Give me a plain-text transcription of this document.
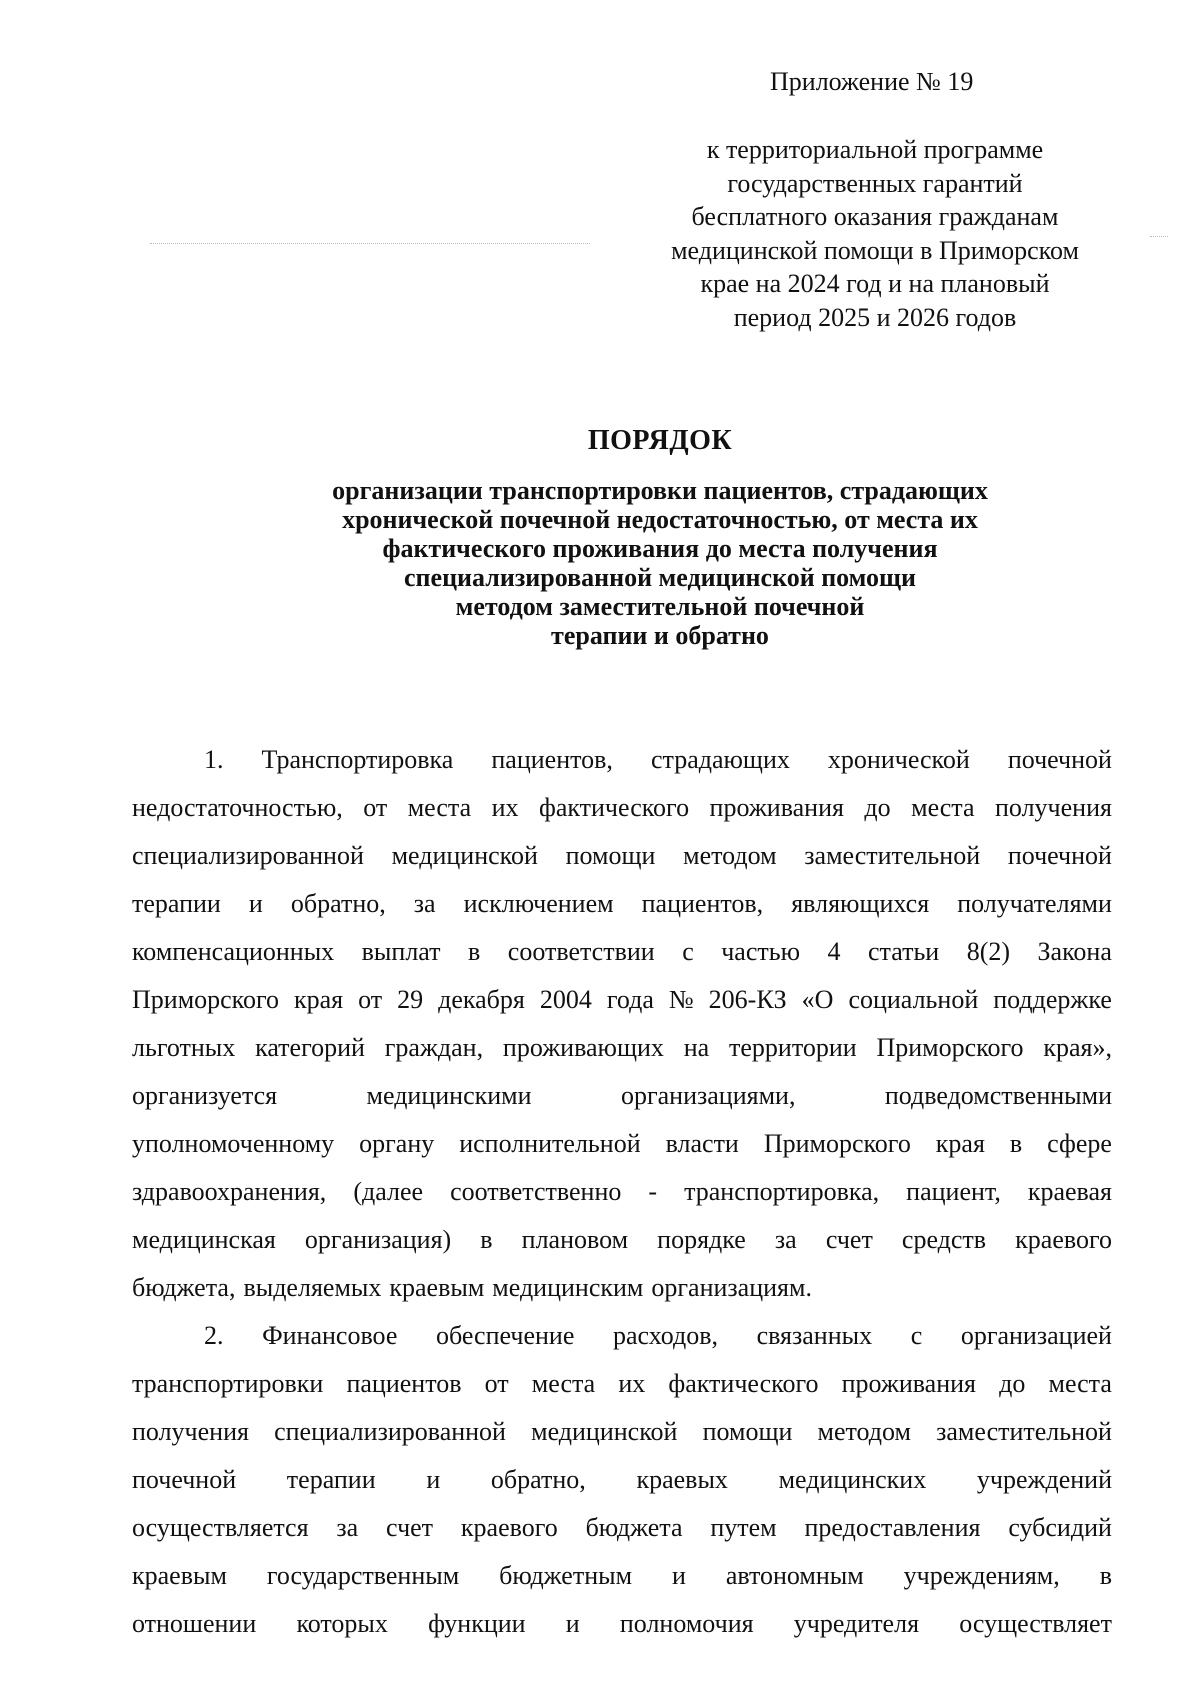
Приложение № 19
к территориальной программе
государственных гарантий
бесплатного оказания гражданам
медицинской помощи в Приморском
крае на 2024 год и на плановый
период 2025 и 2026 годов
ПОРЯДОК
организации транспортировки пациентов, страдающих
хронической почечной недостаточностью, от места их
фактического проживания до места получения
специализированной медицинской помощи
методом заместительной почечной
терапии и обратно
1. Транспортировка пациентов, страдающих хронической почечной
недостаточностью, от места их фактического проживания до места получения
специализированной медицинской помощи методом заместительной почечной
терапии и обратно, за исключением пациентов, являющихся получателями
компенсационных выплат в соответствии с частью 4 статьи 8(2) Закона
Приморского края от 29 декабря 2004 года № 206-КЗ «О социальной поддержке
льготных категорий граждан, проживающих на территории Приморского края»,
организуется	медицинскими	организациями,	подведомственными
уполномоченному органу исполнительной власти Приморского края в сфере
здравоохранения, (далее соответственно - транспортировка, пациент, краевая
медицинская организация) в плановом порядке за счет средств краевого
бюджета, выделяемых краевым медицинским организациям.
2. Финансовое обеспечение расходов, связанных с организацией
транспортировки пациентов от места их фактического проживания до места
получения специализированной медицинской помощи методом заместительной
почечной терапии и обратно, краевых медицинских учреждений
осуществляется за счет краевого бюджета путем предоставления субсидий
краевым государственным бюджетным и автономным учреждениям, в
отношении которых функции и полномочия учредителя осуществляет
